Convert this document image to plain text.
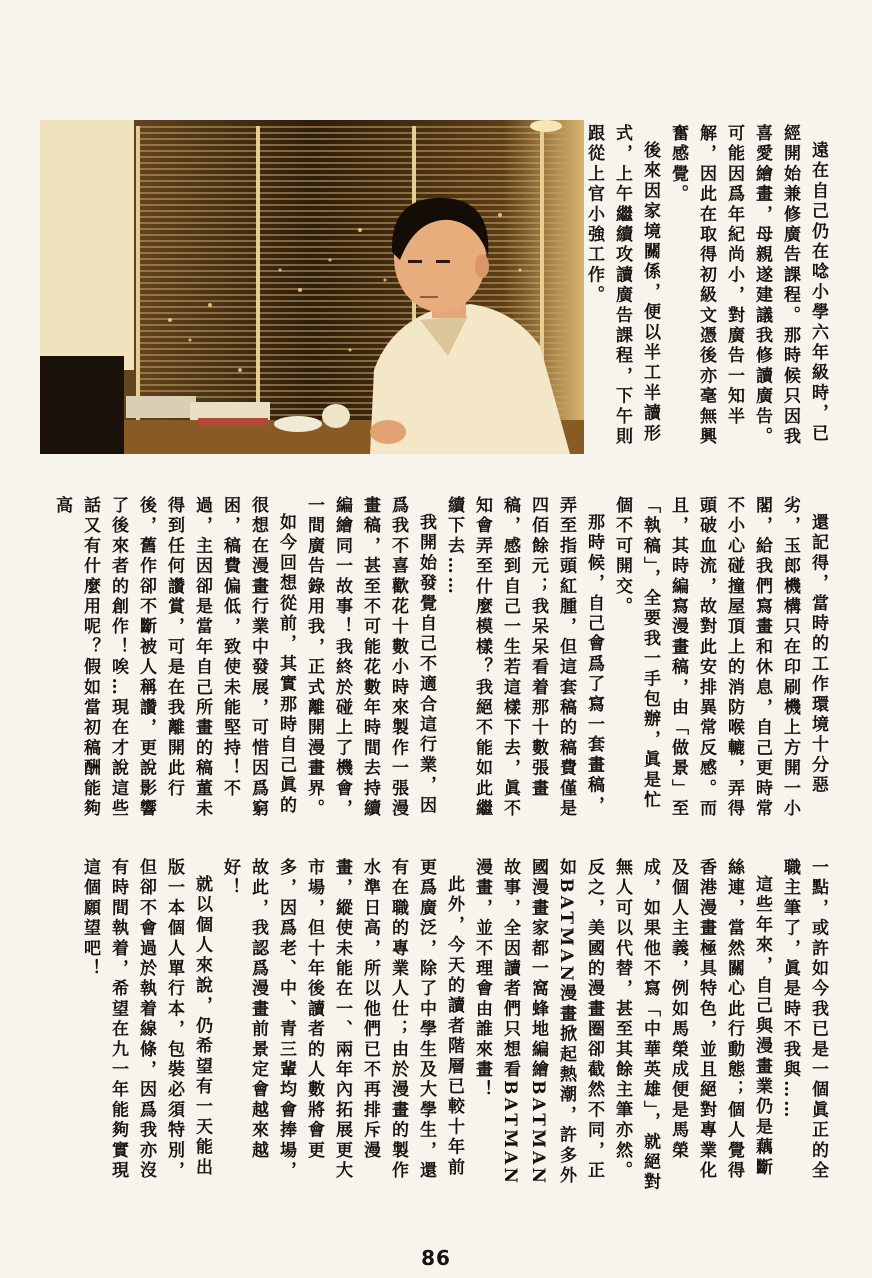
遠在自己仍在唸小學六年級時，已經開始兼修廣告課程。那時候只因我喜愛繪畫，母親遂建議我修讀廣告。可能因爲年紀尚小，對廣告一知半解，因此在取得初級文憑後亦毫無興奮感覺。

後來因家境關係，便以半工半讀形式，上午繼續攻讀廣告課程，下午則跟從上官小強工作。

還記得，當時的工作環境十分惡劣，玉郎機構只在印刷機上方開一小閣，給我們寫畫和休息，自己更時常不小心碰撞屋頂上的消防喉轆，弄得頭破血流，故對此安排異常反感。而且，其時編寫漫畫稿，由「做景」至「執稿」，全要我一手包辦，眞是忙個不可開交。

那時候，自己會爲了寫一套畫稿，弄至指頭紅腫，但這套稿的稿費僅是四佰餘元；我呆呆看着那十數張畫稿，感到自己一生若這樣下去，眞不知會弄至什麼模樣？我絕不能如此繼續下去……

我開始發覺自己不適合這行業，因爲我不喜歡花十數小時來製作一張漫畫稿，甚至不可能花數年時間去持續編繪同一故事！我終於碰上了機會，一間廣告錄用我，正式離開漫畫界。

如今回想從前，其實那時自己眞的很想在漫畫行業中發展，可惜因爲窮困，稿費偏低，致使未能堅持！不過，主因卻是當年自己所畫的稿董未得到任何讚賞，可是在我離開此行後，舊作卻不斷被人稱讚，更說影響了後來者的創作！唉…現在才說這些話又有什麼用呢？假如當初稿酬能夠高

一點，或許如今我已是一個眞正的全職主筆了，眞是時不我與……

這些年來，自己與漫畫業仍是藕斷絲連，當然關心此行動態；個人覺得香港漫畫極具特色，並且絕對專業化及個人主義，例如馬榮成便是馬榮成，如果他不寫「中華英雄」，就絕對無人可以代替，甚至其餘主筆亦然。反之，美國的漫畫圈卻截然不同，正如BATMAN漫畫掀起熱潮，許多外國漫畫家都一窩蜂地編繪BATMAN故事，全因讀者們只想看BATMAN漫畫，並不理會由誰來畫！

此外，今天的讀者階層已較十年前更爲廣泛，除了中學生及大學生，還有在職的專業人仕；由於漫畫的製作水準日高，所以他們已不再排斥漫畫，縱使未能在一、兩年內拓展更大市場，但十年後讀者的人數將會更多，因爲老、中、青三輩均會捧場，故此，我認爲漫畫前景定會越來越好！

就以個人來說，仍希望有一天能出版一本個人單行本，包裝必須特別，但卻不會過於執着線條，因爲我亦沒有時間執着，希望在九一年能夠實現這個願望吧！

86
